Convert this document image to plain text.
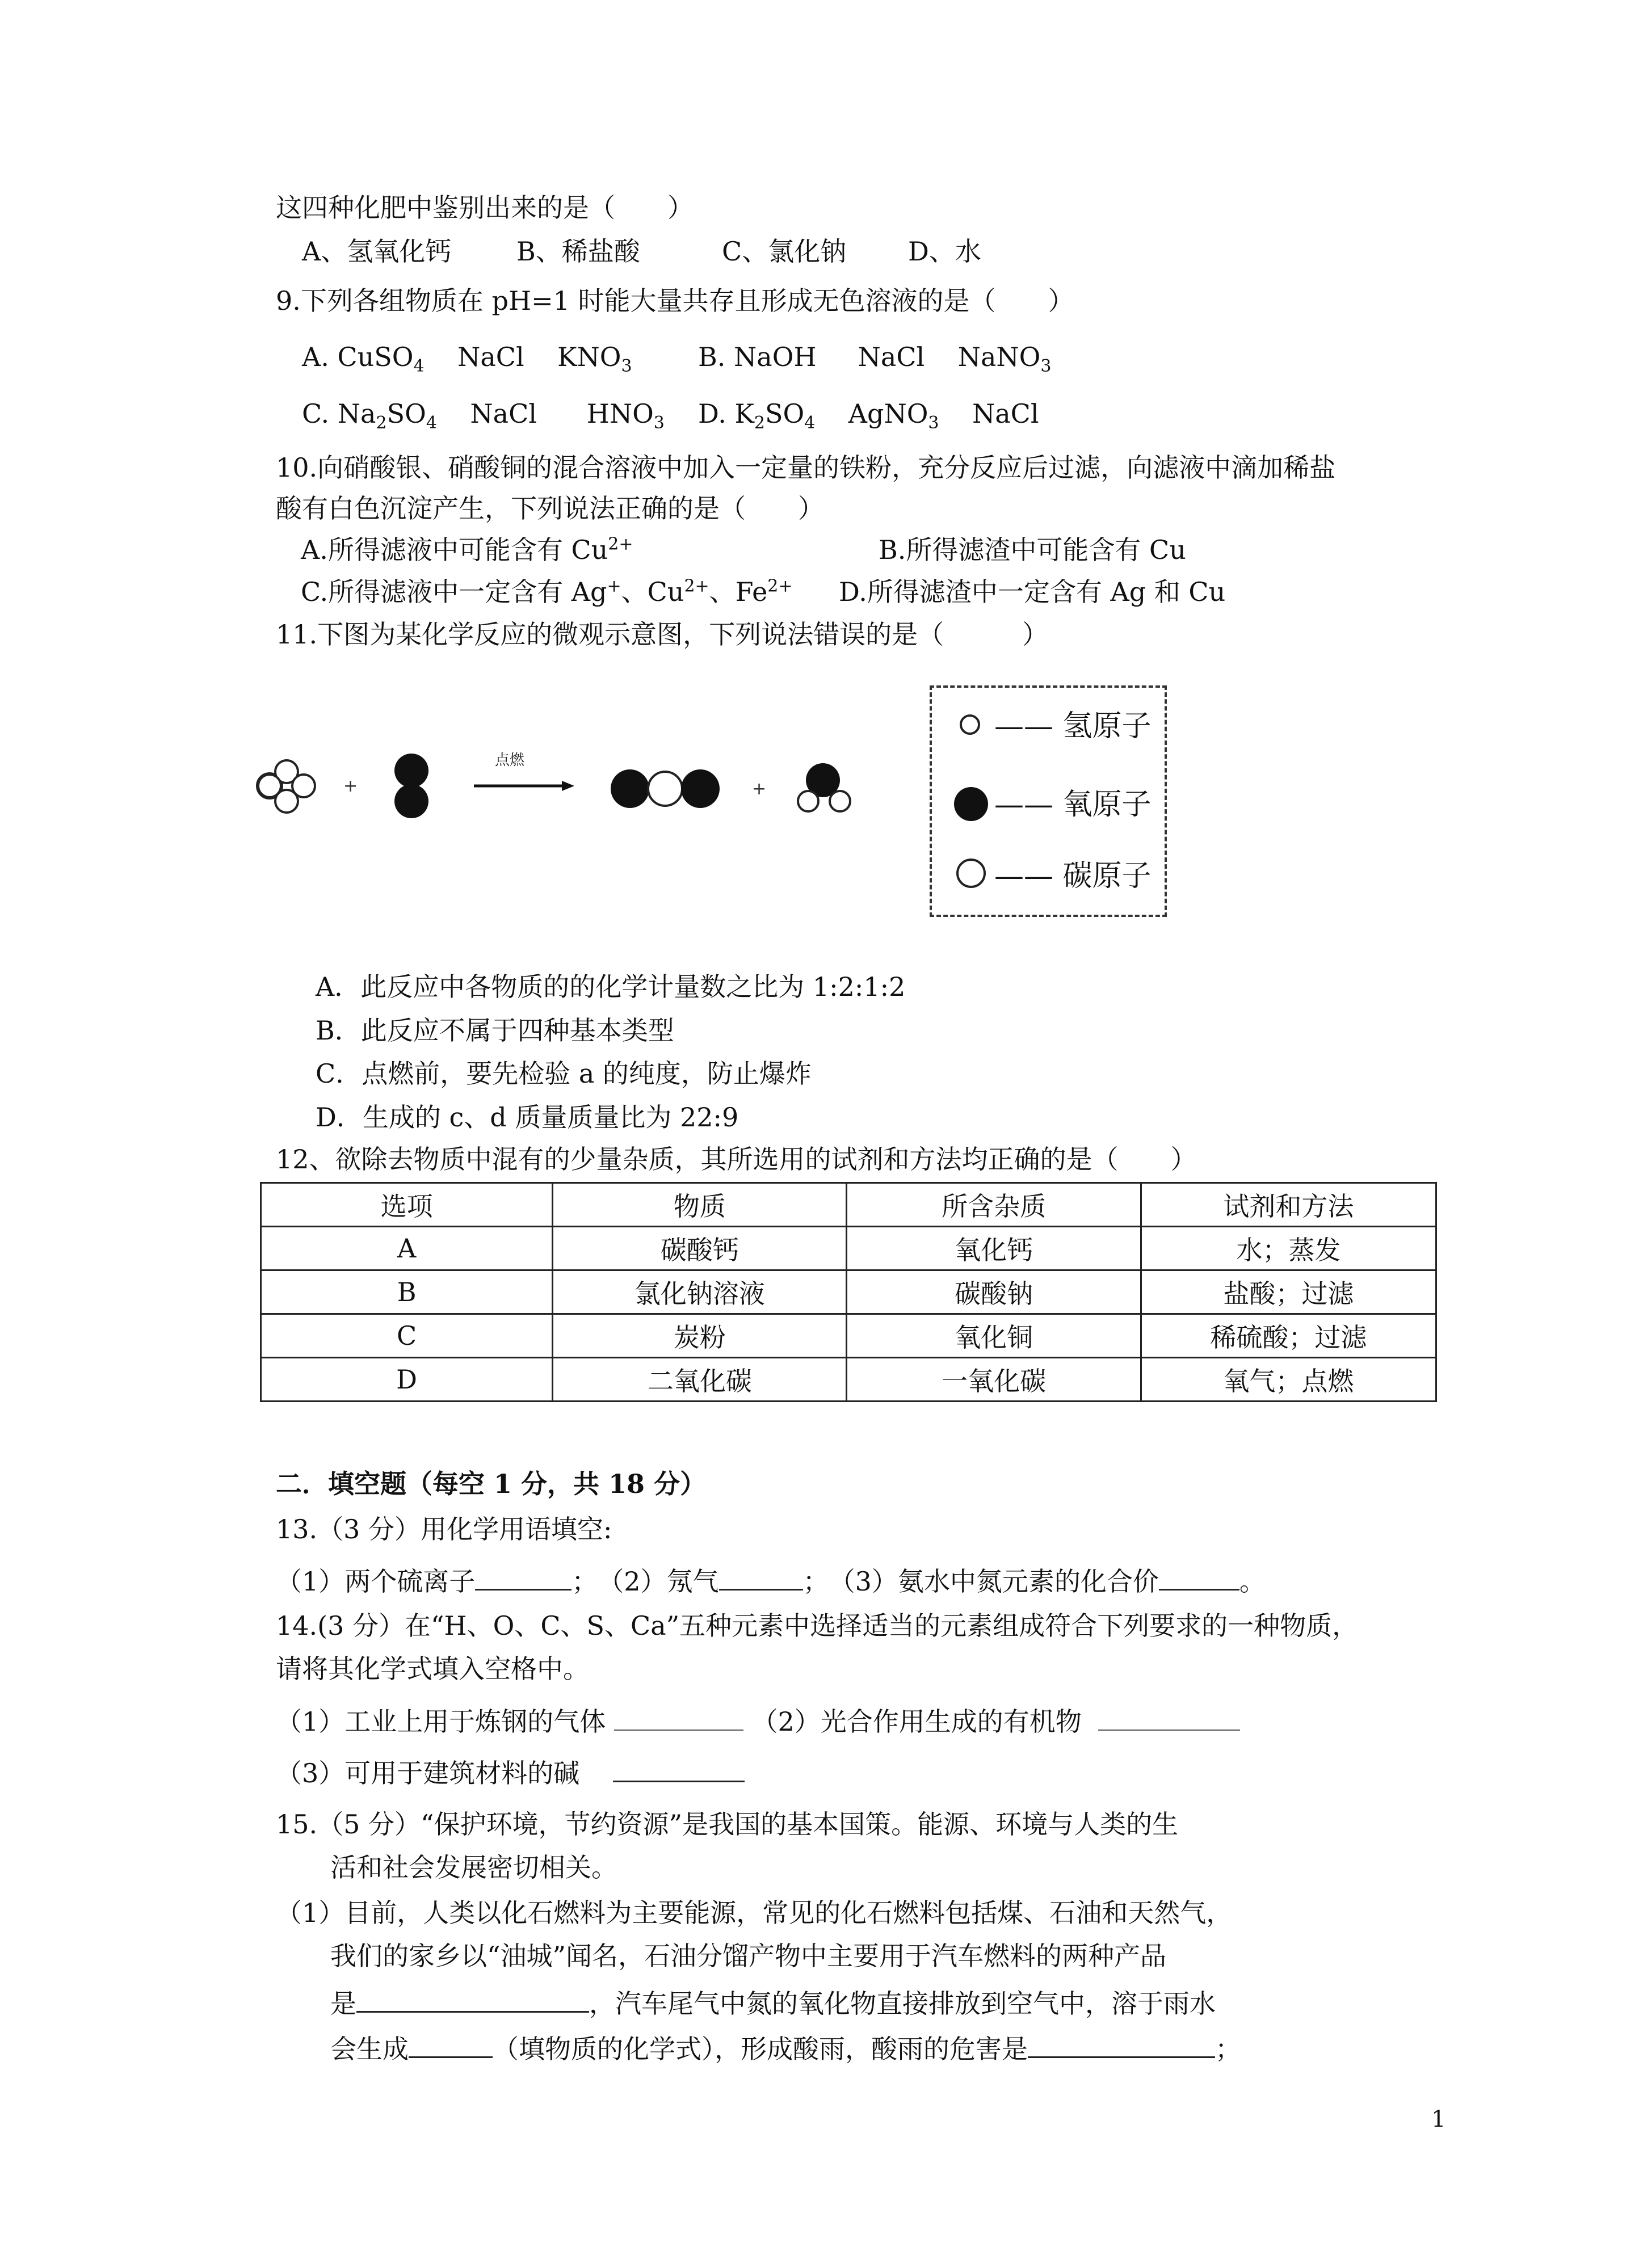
这四种化肥中鉴别出来的是（　　）
A、氢氧化钙 B、稀盐酸	C、氯化钠 D、水
9.下列各组物质在 pH=1 时能大量共存且形成无色溶液的是（　　）
A. CuSO$_4$    NaCl    $KNO_3$	B. NaOH     NaCl    NaNO$_3$
C. $Na_2SO_4$    NaCl      $HNO_3$ D. $K_2SO_4$    AgNO$_3$    NaCl
10.向硝酸银、硝酸铜的混合溶液中加入一定量的铁粉，充分反应后过滤，向滤液中滴加稀盐
酸有白色沉淀产生，下列说法正确的是（　　）
A.所得滤液中可能含有 $Cu^{2+}$	B.所得滤渣中可能含有 Cu
C.所得滤液中一定含有 Ag+、$Cu^{2+}$、$Fe^{2+}$ D.所得滤渣中一定含有 Ag 和 Cu
11.下图为某化学反应的微观示意图，下列说法错误的是（　　　）
+
点燃
+
—— 氢原子
—— 氧原子
—— 碳原子
A．此反应中各物质的的化学计量数之比为 1:2:1:2
B．此反应不属于四种基本类型
C．点燃前，要先检验 a 的纯度，防止爆炸
D．生成的 c、d 质量质量比为 22:9
12、欲除去物质中混有的少量杂质，其所选用的试剂和方法均正确的是（　　）
选项	物质	所含杂质	试剂和方法
A	碳酸钙	氧化钙	水；蒸发
B	氯化钠溶液	碳酸钠	盐酸；过滤
C	炭粉	氧化铜	稀硫酸；过滤
D	二氧化碳	一氧化碳	氧气；点燃
二．填空题（每空 1 分，共 18 分）
13.（3 分）用化学用语填空:
（1）两个硫离子	；　（2）氖气	；　（3）氨水中氮元素的化合价	。
14.(3 分）在“H、O、C、S、Ca”五种元素中选择适当的元素组成符合下列要求的一种物质，
请将其化学式填入空格中。
（1）工业上用于炼钢的气体	（2）光合作用生成的有机物
（3）可用于建筑材料的碱
15.（5 分）“保护环境，节约资源”是我国的基本国策。能源、环境与人类的生
活和社会发展密切相关。
（1）目前，人类以化石燃料为主要能源，常见的化石燃料包括煤、石油和天然气，
我们的家乡以“油城”闻名，石油分馏产物中主要用于汽车燃料的两种产品
是	，汽车尾气中氮的氧化物直接排放到空气中，溶于雨水
会生成	（填物质的化学式），形成酸雨，酸雨的危害是	；
1
